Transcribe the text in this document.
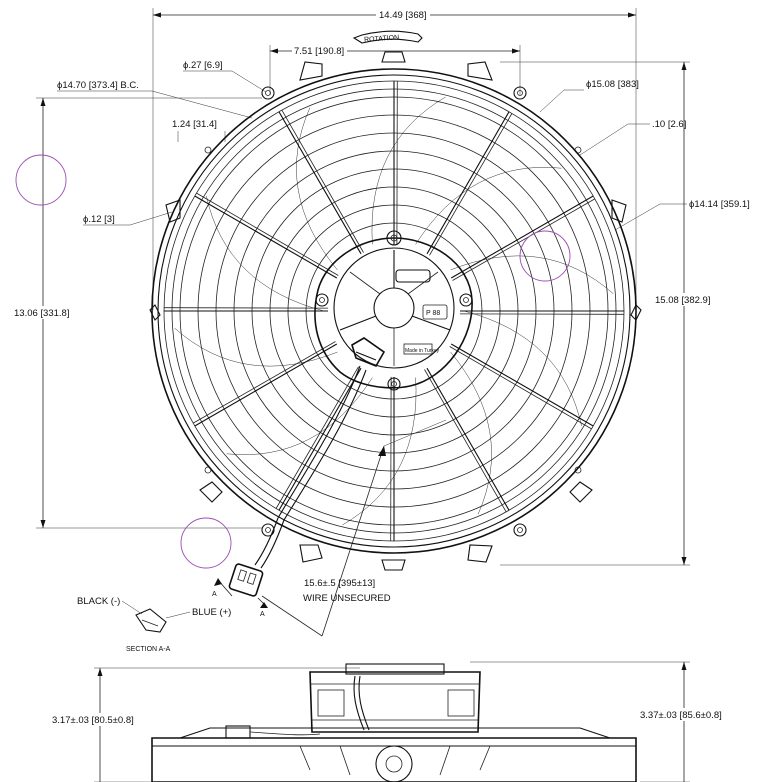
14.49 [368]
7.51 [190.8]
ROTATION
ϕ.27 [6.9]
ϕ14.70 [373.4] B.C.
1.24 [31.4]
ϕ.12 [3]
ϕ15.08 [383]
.10 [2.6]
ϕ14.14 [359.1]
13.06 [331.8]
15.08 [382.9]
P 88
Made in Turkey
A
A
15.6±.5 [395±13]
WIRE UNSECURED
BLACK (-)
BLUE (+)
SECTION A-A
3.17±.03 [80.5±0.8]	3.37±.03 [85.6±0.8]
